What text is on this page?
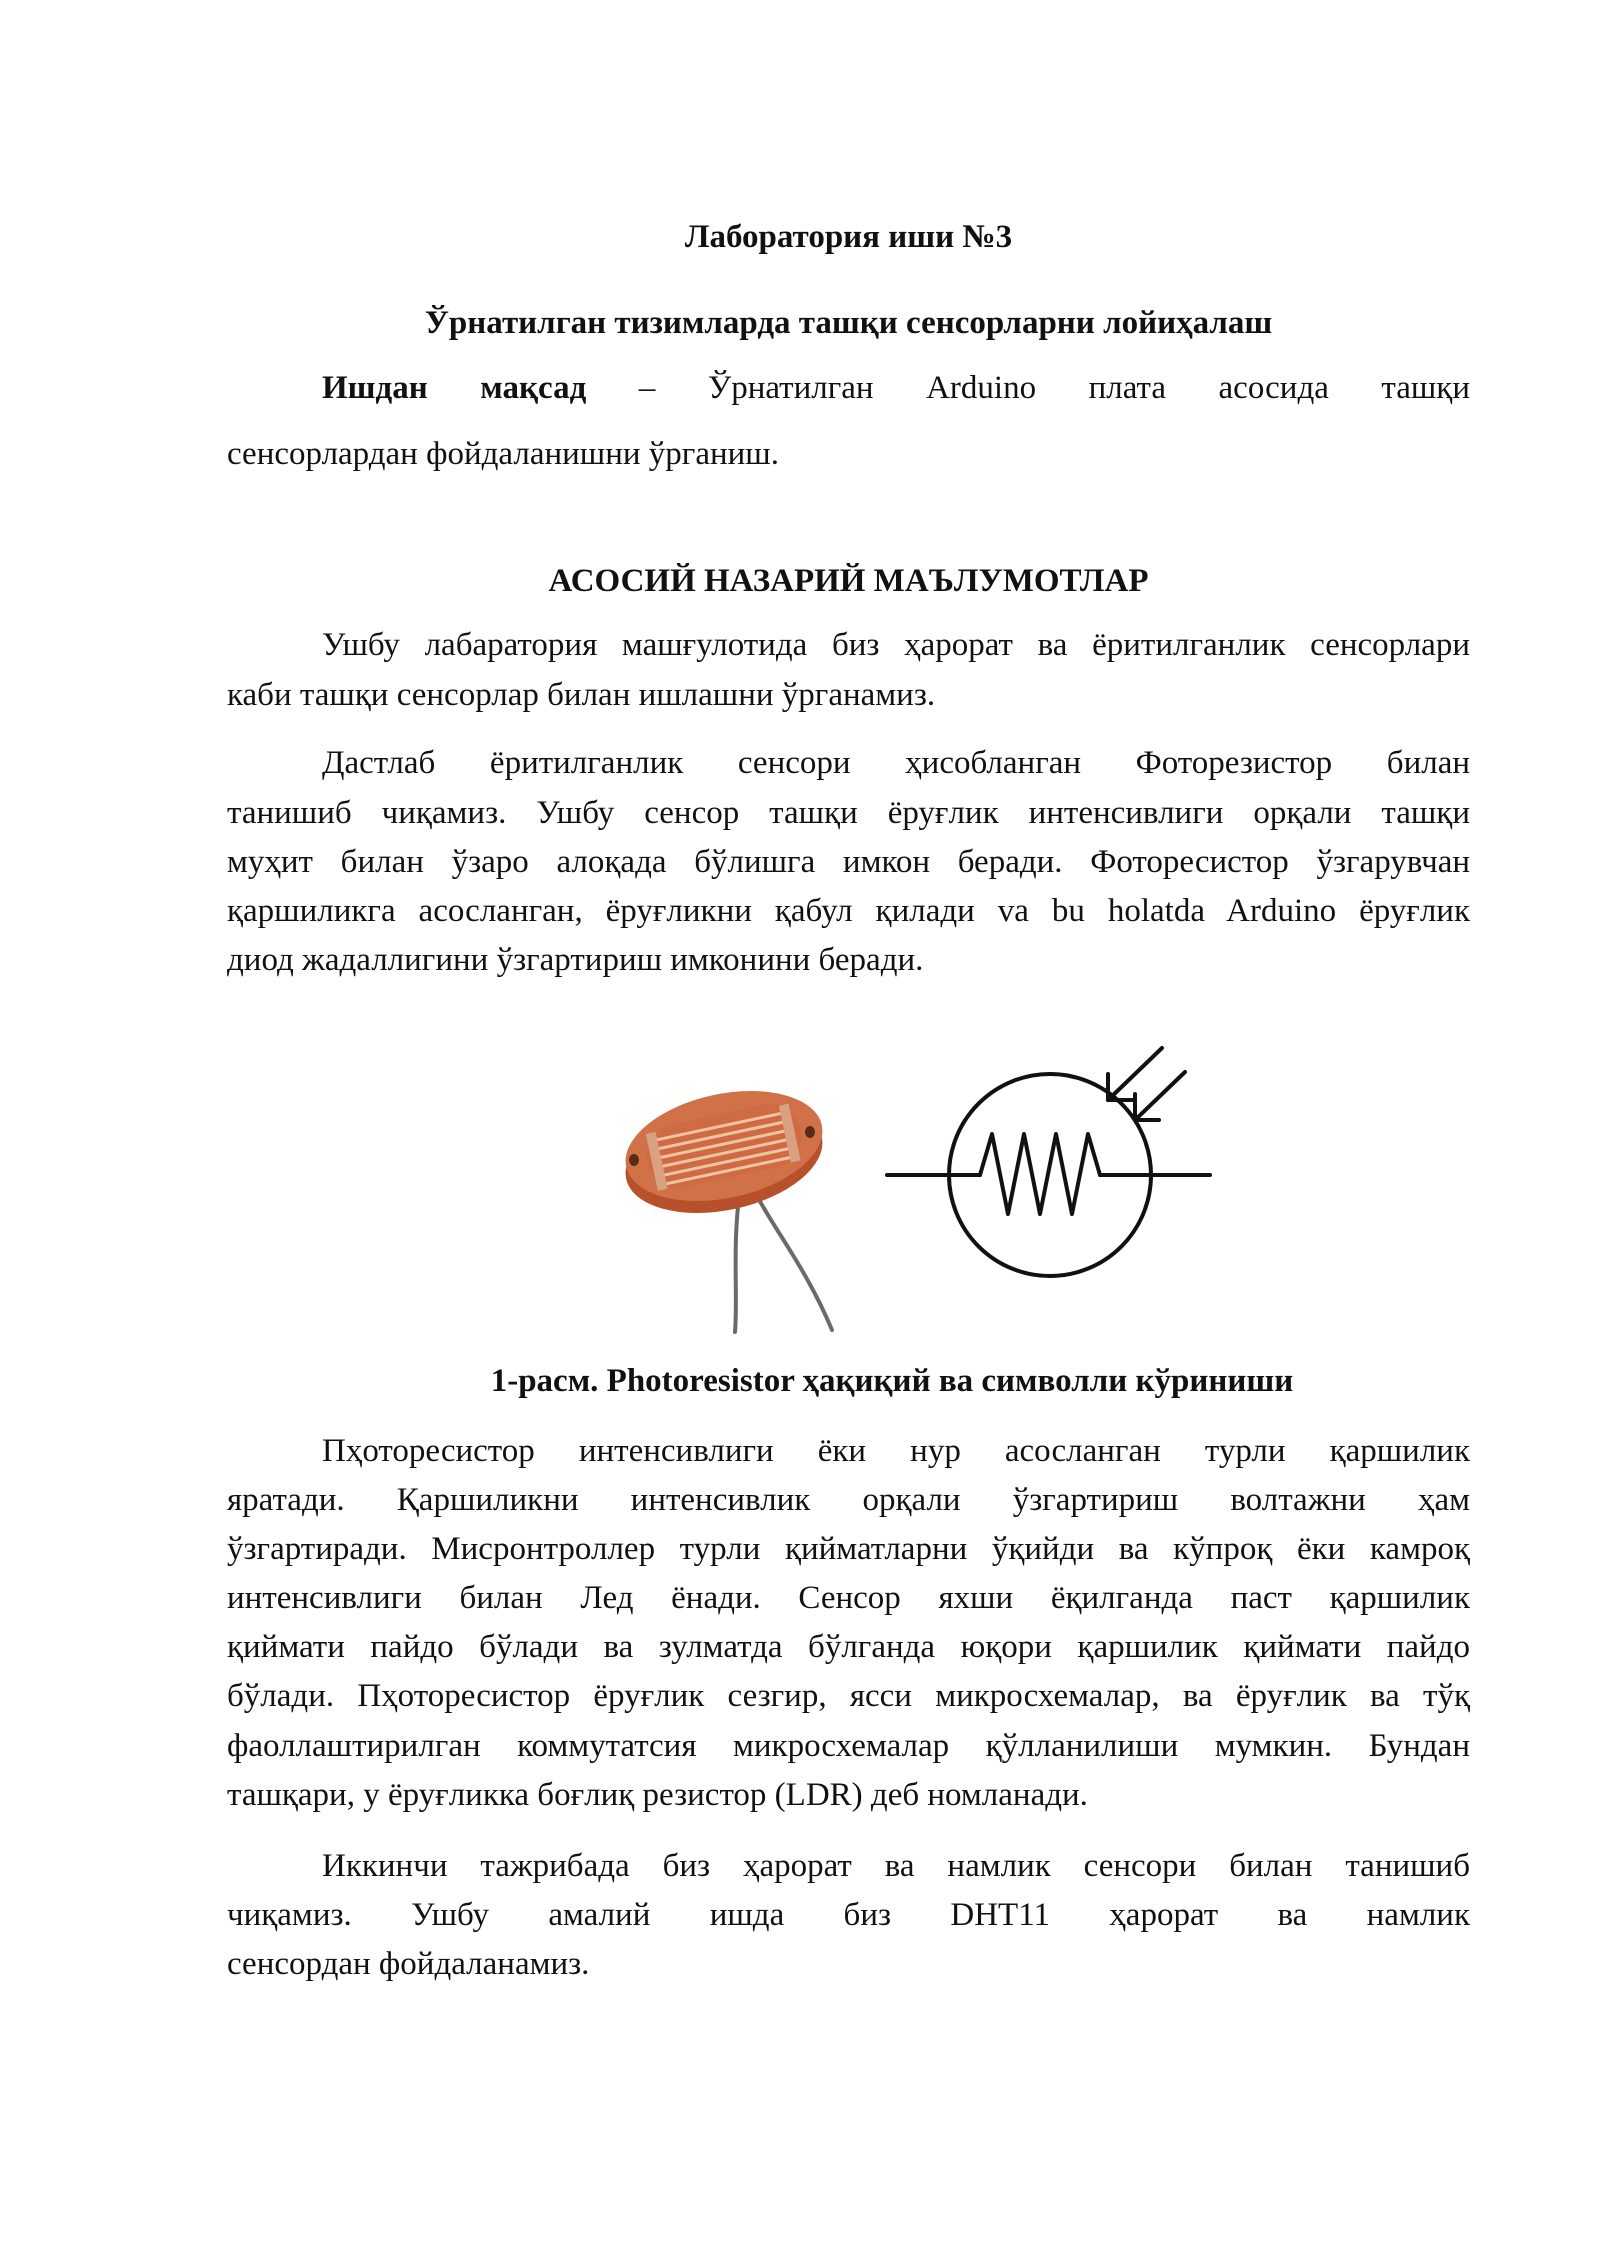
Лаборатория иши №3
Ўрнатилган тизимларда ташқи сенсорларни лойиҳалаш
Ишдан мақсад – Ўрнатилган Arduino плата асосида ташқи
сенсорлардан фойдаланишни ўрганиш.
АСОСИЙ НАЗАРИЙ МАЪЛУМОТЛАР
Ушбу лабаратория машғулотида биз ҳарорат ва ёритилганлик сенсорлари
каби ташқи сенсорлар билан ишлашни ўрганамиз.
Дастлаб ёритилганлик сенсори ҳисобланган Фоторезистор билан
танишиб чиқамиз. Ушбу сенсор ташқи ёруғлик интенсивлиги орқали ташқи
муҳит билан ўзаро алоқада бўлишга имкон беради. Фоторесистор ўзгарувчан
қаршиликга асосланган, ёруғликни қабул қилади va bu holatda Arduino ёруғлик
диод жадаллигини ўзгартириш имконини беради.
1-расм. Photoresistor ҳақиқий ва символли кўриниши
Пҳоторесистор интенсивлиги ёки нур асосланган турли қаршилик
яратади. Қаршиликни интенсивлик орқали ўзгартириш волтажни ҳам
ўзгартиради. Мисронтроллер турли қийматларни ўқийди ва кўпроқ ёки камроқ
интенсивлиги билан Лед ёнади. Сенсор яхши ёқилганда паст қаршилик
қиймати пайдо бўлади ва зулматда бўлганда юқори қаршилик қиймати пайдо
бўлади. Пҳоторесистор ёруғлик сезгир, ясси микросхемалар, ва ёруғлик ва тўқ
фаоллаштирилган коммутатсия микросхемалар қўлланилиши мумкин. Бундан
ташқари, у ёруғликка боғлиқ резистор (LDR) деб номланади.
Иккинчи тажрибада биз ҳарорат ва намлик сенсори билан танишиб
чиқамиз. Ушбу амалий ишда биз DHT11 ҳарорат ва намлик
сенсордан фойдаланамиз.
